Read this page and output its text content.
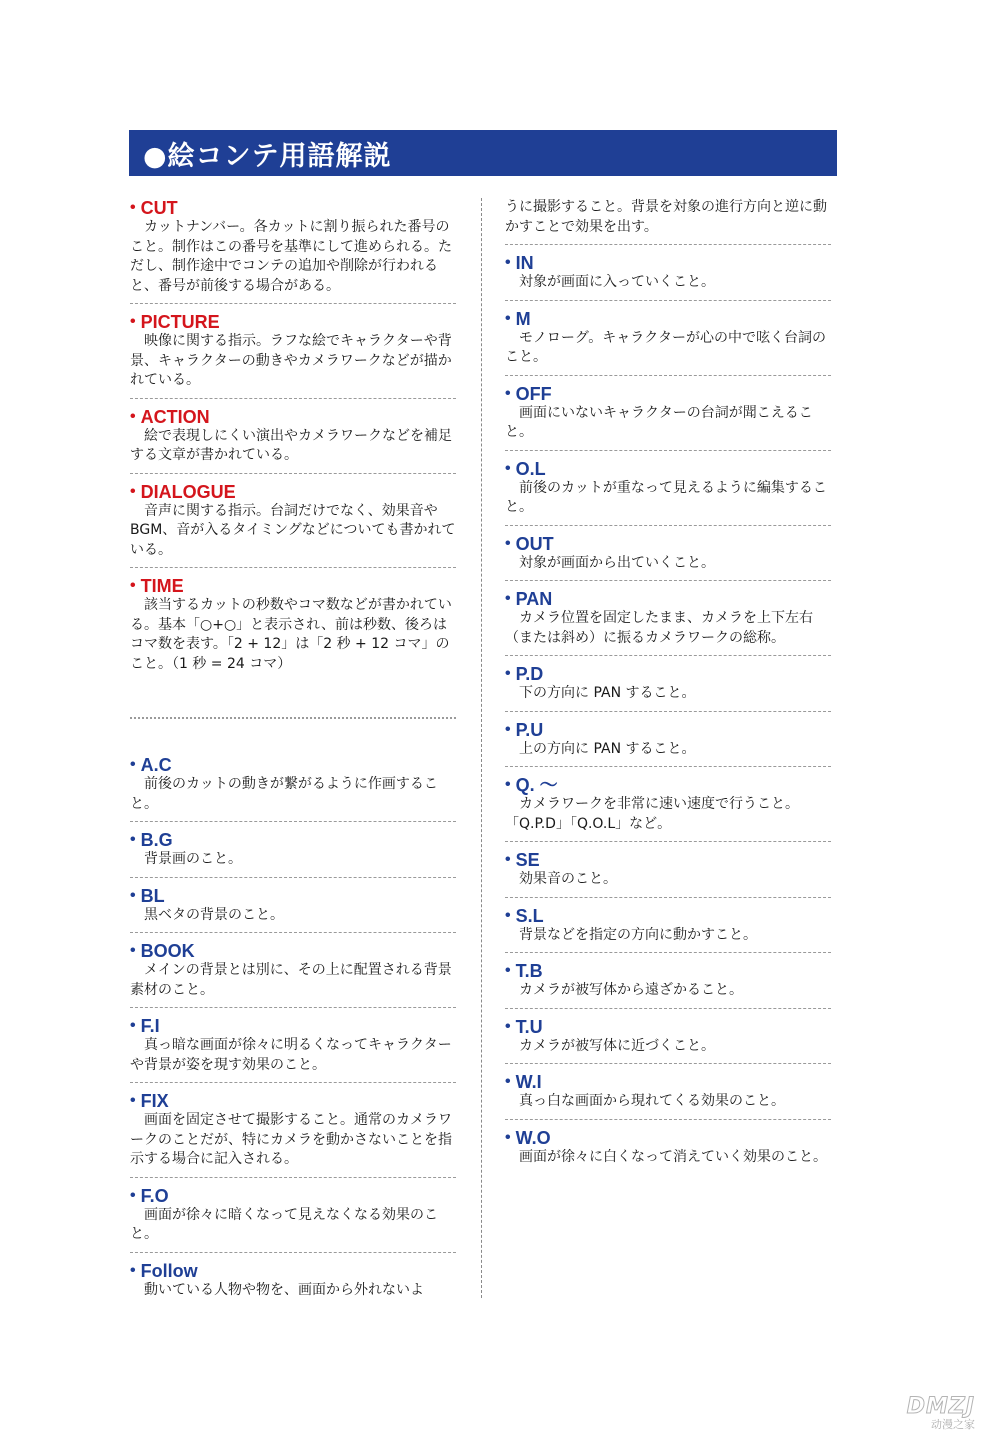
●絵コンテ用語解説
• CUT
カットナンバー。各カットに割り振られた番号のこと。制作はこの番号を基準にして進められる。ただし、制作途中でコンテの追加や削除が行われると、番号が前後する場合がある。
• PICTURE
映像に関する指示。ラフな絵でキャラクターや背景、キャラクターの動きやカメラワークなどが描かれている。
• ACTION
絵で表現しにくい演出やカメラワークなどを補足する文章が書かれている。
• DIALOGUE
音声に関する指示。台詞だけでなく、効果音や BGM、音が入るタイミングなどについても書かれている。
• TIME
該当するカットの秒数やコマ数などが書かれている。基本「○+○」と表示され、前は秒数、後ろはコマ数を表す。「2 + 12」は「2 秒 + 12 コマ」のこと。（1 秒 = 24 コマ）
• A.C
前後のカットの動きが繋がるように作画すること。
• B.G
背景画のこと。
• BL
黒ベタの背景のこと。
• BOOK
メインの背景とは別に、その上に配置される背景素材のこと。
• F.I
真っ暗な画面が徐々に明るくなってキャラクターや背景が姿を現す効果のこと。
• FIX
画面を固定させて撮影すること。通常のカメラワークのことだが、特にカメラを動かさないことを指示する場合に記入される。
• F.O
画面が徐々に暗くなって見えなくなる効果のこと。
• Follow
動いている人物や物を、画面から外れないよ
うに撮影すること。背景を対象の進行方向と逆に動かすことで効果を出す。
• IN
対象が画面に入っていくこと。
• M
モノローグ。キャラクターが心の中で呟く台詞のこと。
• OFF
画面にいないキャラクターの台詞が聞こえること。
• O.L
前後のカットが重なって見えるように編集すること。
• OUT
対象が画面から出ていくこと。
• PAN
カメラ位置を固定したまま、カメラを上下左右（または斜め）に振るカメラワークの総称。
• P.D
下の方向に PAN すること。
• P.U
上の方向に PAN すること。
• Q. ～
カメラワークを非常に速い速度で行うこと。「Q.P.D」「Q.O.L」など。
• SE
効果音のこと。
• S.L
背景などを指定の方向に動かすこと。
• T.B
カメラが被写体から遠ざかること。
• T.U
カメラが被写体に近づくこと。
• W.I
真っ白な画面から現れてくる効果のこと。
• W.O
画面が徐々に白くなって消えていく効果のこと。
DMZJ
动漫之家
